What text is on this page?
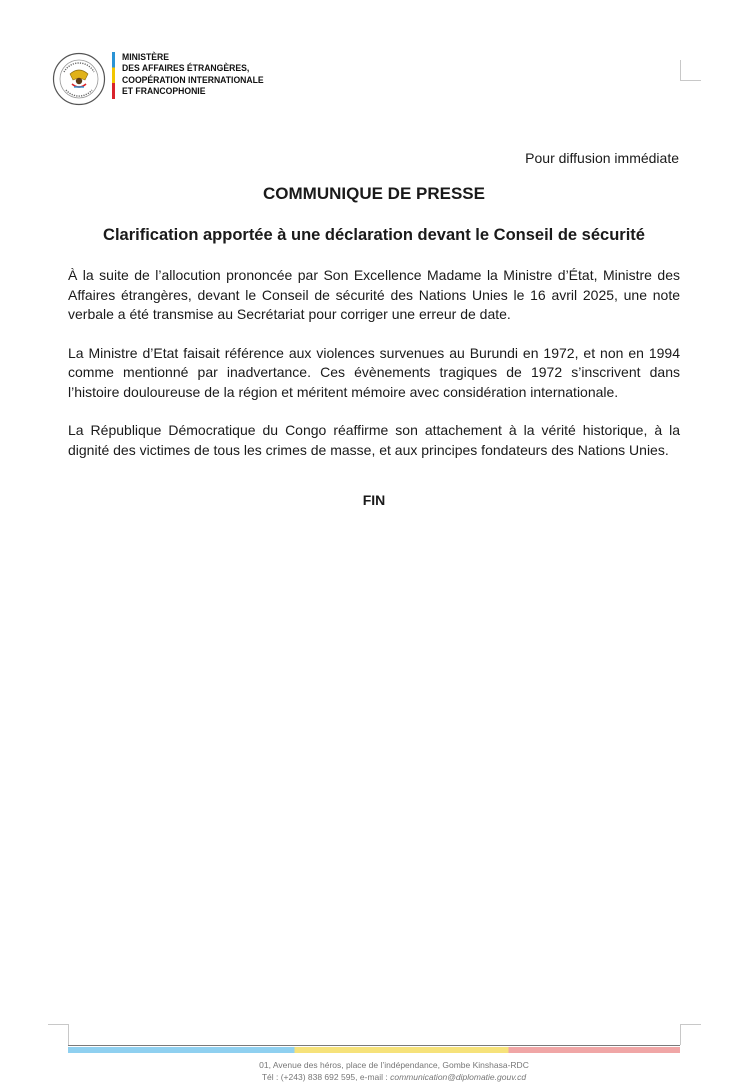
MINISTÈRE
DES AFFAIRES ÉTRANGÈRES,
COOPÉRATION INTERNATIONALE
ET FRANCOPHONIE
Pour diffusion immédiate
COMMUNIQUE DE PRESSE
Clarification apportée à une déclaration devant le Conseil de sécurité

À la suite de l’allocution prononcée par Son Excellence Madame la Ministre d’État, Ministre des Affaires étrangères, devant le Conseil de sécurité des Nations Unies le 16 avril 2025, une note verbale a été transmise au Secrétariat pour corriger une erreur de date.

La Ministre d’Etat faisait référence aux violences survenues au Burundi en 1972, et non en 1994 comme mentionné par inadvertance. Ces évènements tragiques de 1972 s’inscrivent dans l’histoire douloureuse de la région et méritent mémoire avec considération internationale.

La République Démocratique du Congo réaffirme son attachement à la vérité historique, à la dignité des victimes de tous les crimes de masse, et aux principes fondateurs des Nations Unies.

FIN
01, Avenue des héros, place de l’indépendance, Gombe Kinshasa-RDC
Tél : (+243) 838 692 595, e-mail : communication@diplomatie.gouv.cd
